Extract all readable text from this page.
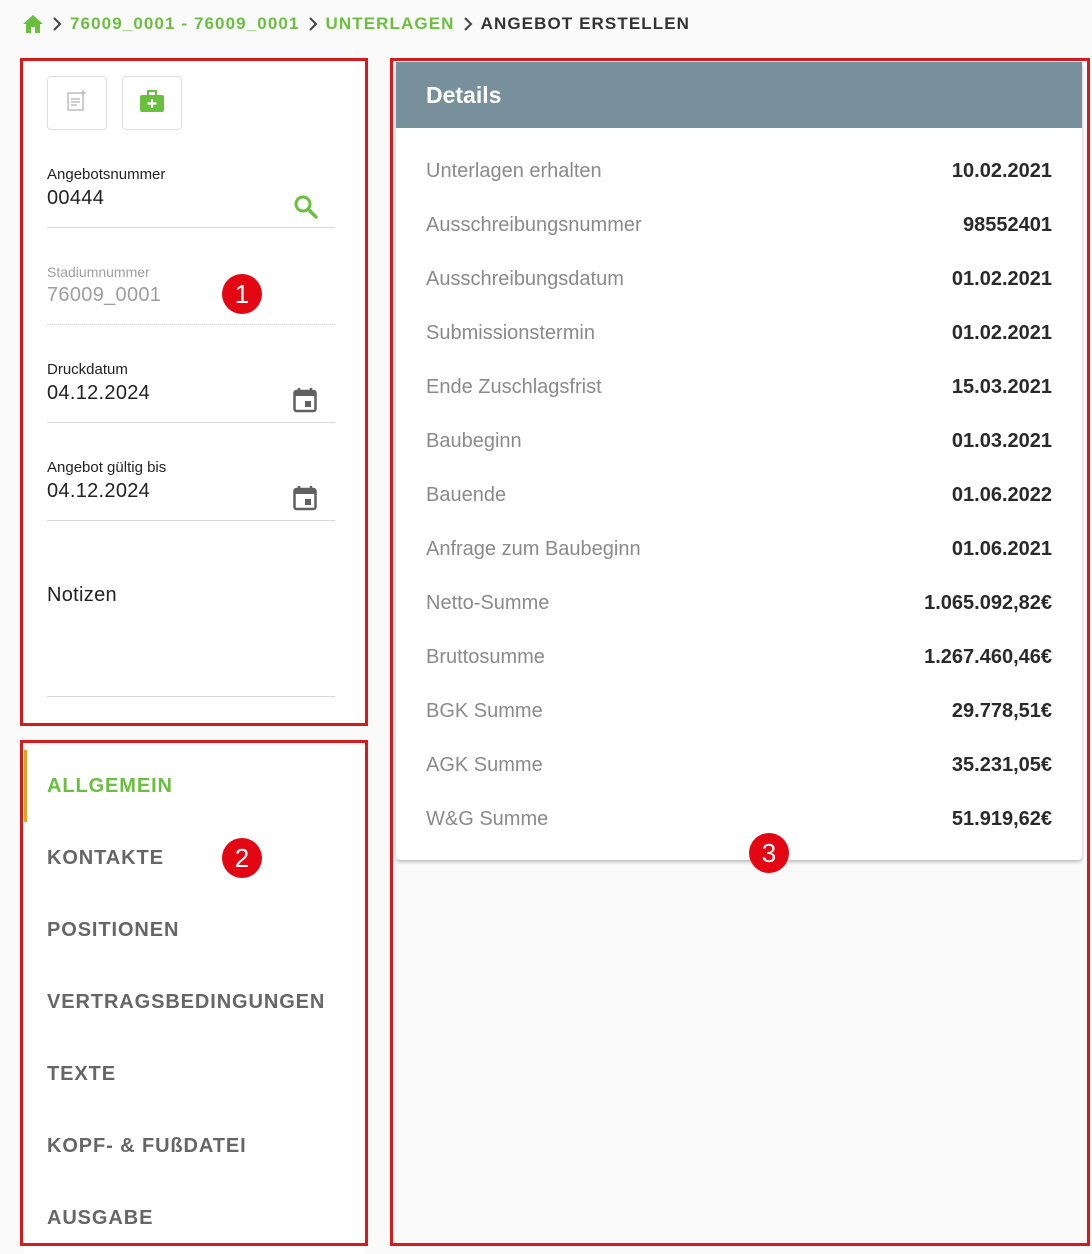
76009_0001 - 76009_0001 UNTERLAGEN ANGEBOT ERSTELLEN
Angebotsnummer
00444
Stadiumnummer
76009_0001
Druckdatum
04.12.2024
Angebot gültig bis
04.12.2024
Notizen
ALLGEMEIN
KONTAKTE
POSITIONEN
VERTRAGSBEDINGUNGEN
TEXTE
KOPF- & FUßDATEI
AUSGABE
Details
Unterlagen erhalten	10.02.2021
Ausschreibungsnummer	98552401
Ausschreibungsdatum	01.02.2021
Submissionstermin	01.02.2021
Ende Zuschlagsfrist	15.03.2021
Baubeginn	01.03.2021
Bauende	01.06.2022
Anfrage zum Baubeginn	01.06.2021
Netto-Summe	1.065.092,82€
Bruttosumme	1.267.460,46€
BGK Summe	29.778,51€
AGK Summe	35.231,05€
W&G Summe	51.919,62€
1
2	3
